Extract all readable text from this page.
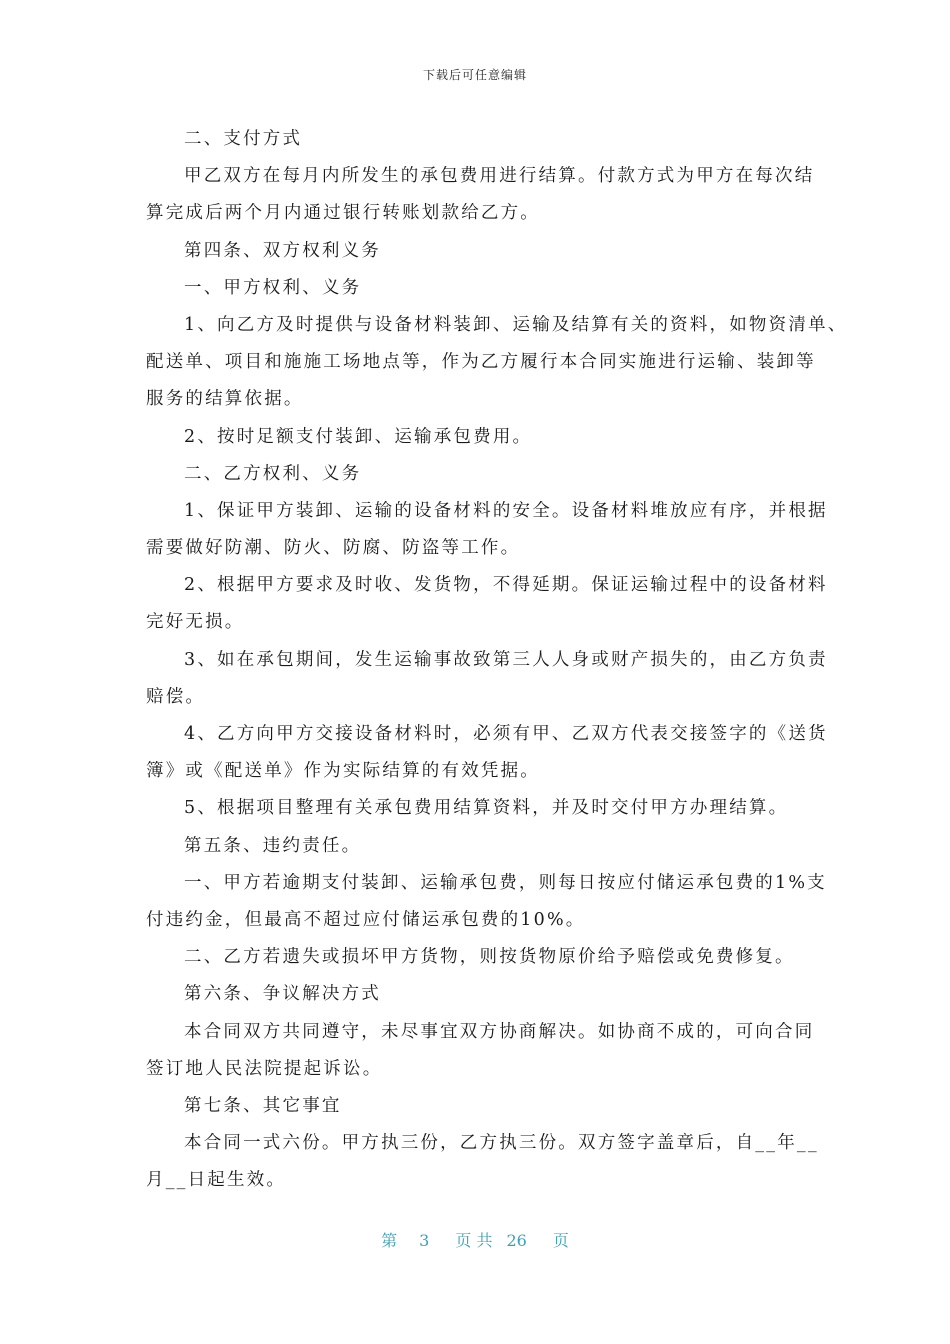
下载后可任意编辑
二、支付方式
甲乙双方在每月内所发生的承包费用进行结算。付款方式为甲方在每次结
算完成后两个月内通过银行转账划款给乙方。
第四条、双方权利义务
一、甲方权利、义务
1、向乙方及时提供与设备材料装卸、运输及结算有关的资料，如物资清单、
配送单、项目和施施工场地点等，作为乙方履行本合同实施进行运输、装卸等
服务的结算依据。
2、按时足额支付装卸、运输承包费用。
二、乙方权利、义务
1、保证甲方装卸、运输的设备材料的安全。设备材料堆放应有序，并根据
需要做好防潮、防火、防腐、防盗等工作。
2、根据甲方要求及时收、发货物，不得延期。保证运输过程中的设备材料
完好无损。
3、如在承包期间，发生运输事故致第三人人身或财产损失的，由乙方负责
赔偿。
4、乙方向甲方交接设备材料时，必须有甲、乙双方代表交接签字的《送货
簿》或《配送单》作为实际结算的有效凭据。
5、根据项目整理有关承包费用结算资料，并及时交付甲方办理结算。
第五条、违约责任。
一、甲方若逾期支付装卸、运输承包费，则每日按应付储运承包费的1%支
付违约金，但最高不超过应付储运承包费的10%。
二、乙方若遗失或损坏甲方货物，则按货物原价给予赔偿或免费修复。
第六条、争议解决方式
本合同双方共同遵守，未尽事宜双方协商解决。如协商不成的，可向合同
签订地人民法院提起诉讼。
第七条、其它事宜
本合同一式六份。甲方执三份，乙方执三份。双方签字盖章后，自__年__
月__日起生效。
第 3 页 共 26 页
